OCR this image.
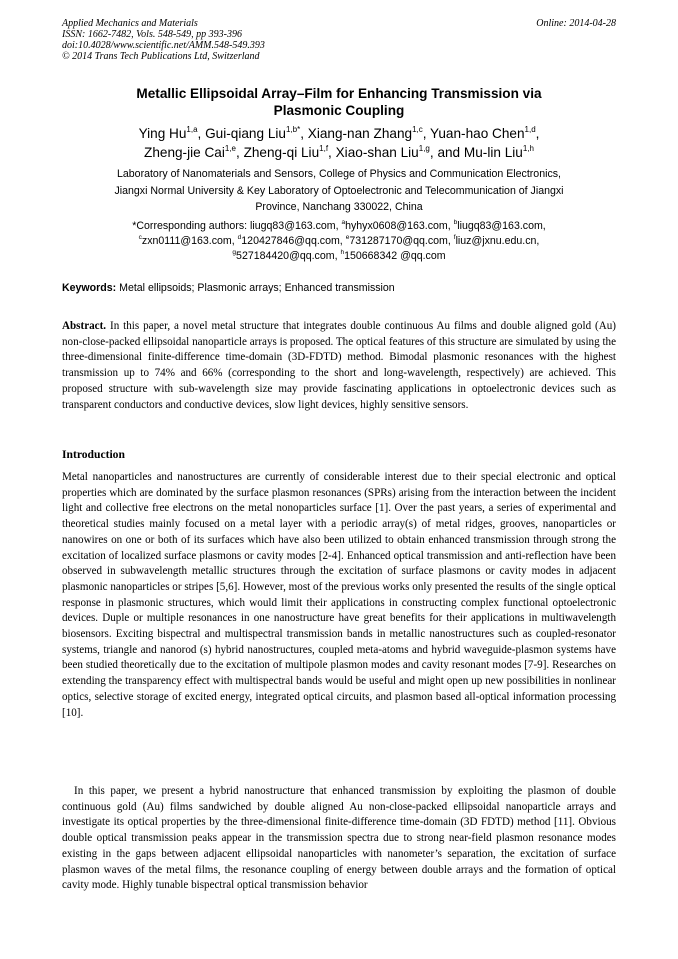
Applied Mechanics and Materials
ISSN: 1662-7482, Vols. 548-549, pp 393-396
doi:10.4028/www.scientific.net/AMM.548-549.393
© 2014 Trans Tech Publications Ltd, Switzerland
Online: 2014-04-28
Metallic Ellipsoidal Array–Film for Enhancing Transmission via
Plasmonic Coupling
Ying Hu$^{1,a}$, Gui-qiang Liu$^{1,b*}$, Xiang-nan Zhang$^{1,c}$, Yuan-hao Chen$^{1,d}$,
Zheng-jie Cai$^{1,e}$, Zheng-qi Liu$^{1,f}$, Xiao-shan Liu$^{1,g}$, and Mu-lin Liu$^{1,h}$
Laboratory of Nanomaterials and Sensors, College of Physics and Communication Electronics,
Jiangxi Normal University & Key Laboratory of Optoelectronic and Telecommunication of Jiangxi
Province, Nanchang 330022, China
*Corresponding authors: liugq83@163.com, $^a$hyhyx0608@163.com, $^b$liugq83@163.com,
$^c$zxn0111@163.com, $^d$120427846@qq.com, $^e$731287170@qq.com, $^f$liuz@jxnu.edu.cn,
$^g$527184420@qq.com, $^h$150668342 @qq.com
Keywords: Metal ellipsoids; Plasmonic arrays; Enhanced transmission
Abstract. In this paper, a novel metal structure that integrates double continuous Au films and double aligned gold (Au) non-close-packed ellipsoidal nanoparticle arrays is proposed. The optical features of this structure are simulated by using the three-dimensional finite-difference time-domain (3D-FDTD) method. Bimodal plasmonic resonances with the highest transmission up to 74% and 66% (corresponding to the short and long-wavelength, respectively) are achieved. This proposed structure with sub-wavelength size may provide fascinating applications in optoelectronic devices such as transparent conductors and conductive devices, slow light devices, highly sensitive sensors.
Introduction
Metal nanoparticles and nanostructures are currently of considerable interest due to their special electronic and optical properties which are dominated by the surface plasmon resonances (SPRs) arising from the interaction between the incident light and collective free electrons on the metal nonoparticles surface [1]. Over the past years, a series of experimental and theoretical studies mainly focused on a metal layer with a periodic array(s) of metal ridges, grooves, nanoparticles or nanowires on one or both of its surfaces which have also been utilized to obtain enhanced transmission through strong the excitation of localized surface plasmons or cavity modes [2-4]. Enhanced optical transmission and anti-reflection have been observed in subwavelength metallic structures through the excitation of surface plasmons or cavity modes in adjacent plasmonic nanoparticles or stripes [5,6]. However, most of the previous works only presented the results of the single optical response in plasmonic structures, which would limit their applications in constructing complex functional optoelectronic devices. Duple or multiple resonances in one nanostructure have great benefits for their applications in multiwavelength biosensors. Exciting bispectral and multispectral transmission bands in metallic nanostructures such as coupled-resonator systems, triangle and nanorod (s) hybrid nanostructures, coupled meta-atoms and hybrid waveguide-plasmon systems have been studied theoretically due to the excitation of multipole plasmon modes and cavity resonant modes [7-9]. Researches on extending the transparency effect with multispectral bands would be useful and might open up new possibilities in nonlinear optics, selective storage of excited energy, integrated optical circuits, and plasmon based all-optical information processing [10].
In this paper, we present a hybrid nanostructure that enhanced transmission by exploiting the plasmon of double continuous gold (Au) films sandwiched by double aligned Au non-close-packed ellipsoidal nanoparticle arrays and investigate its optical properties by the three-dimensional finite-difference time-domain (3D FDTD) method [11]. Obvious double optical transmission peaks appear in the transmission spectra due to strong near-field plasmon resonance modes existing in the gaps between adjacent ellipsoidal nanoparticles with nanometer’s separation, the excitation of surface plasmon waves of the metal films, the resonance coupling of energy between double arrays and the formation of optical cavity mode. Highly tunable bispectral optical transmission behavior
